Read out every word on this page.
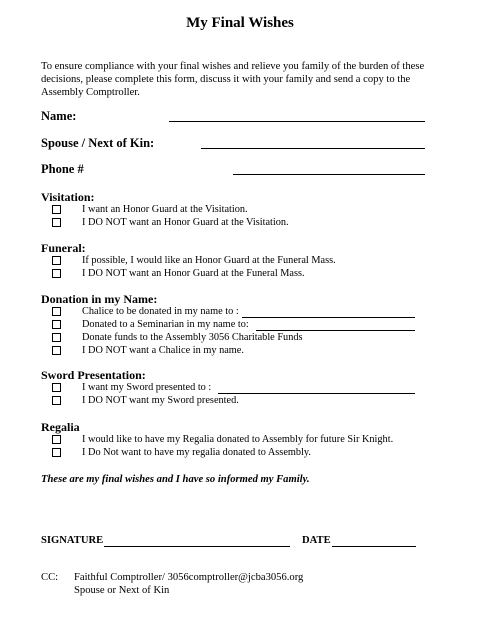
My Final Wishes
To ensure compliance with your final wishes and relieve you family of the burden of these decisions, please complete this form, discuss it with your family and send a copy to the Assembly Comptroller.
Name:
Spouse / Next of Kin:
Phone #
Visitation:
I want an Honor Guard at the Visitation.
I DO NOT want an Honor Guard at the Visitation.
Funeral:
If possible, I would like an Honor Guard at the Funeral Mass.
I DO NOT want an Honor Guard at the Funeral Mass.
Donation in my Name:
Chalice to be donated in my name to :
Donated to a Seminarian in my name to:
Donate funds to the Assembly 3056 Charitable Funds
I DO NOT want a Chalice in my name.
Sword Presentation:
I want my Sword presented to :
I DO NOT want my Sword presented.
Regalia
I would like to have my Regalia donated to Assembly for future Sir Knight.
I Do Not want to have my regalia donated to Assembly.
These are my final wishes and I have so informed my Family.
SIGNATURE	DATE
CC: Faithful Comptroller/ 3056comptroller@jcba3056.org
Spouse or Next of Kin
